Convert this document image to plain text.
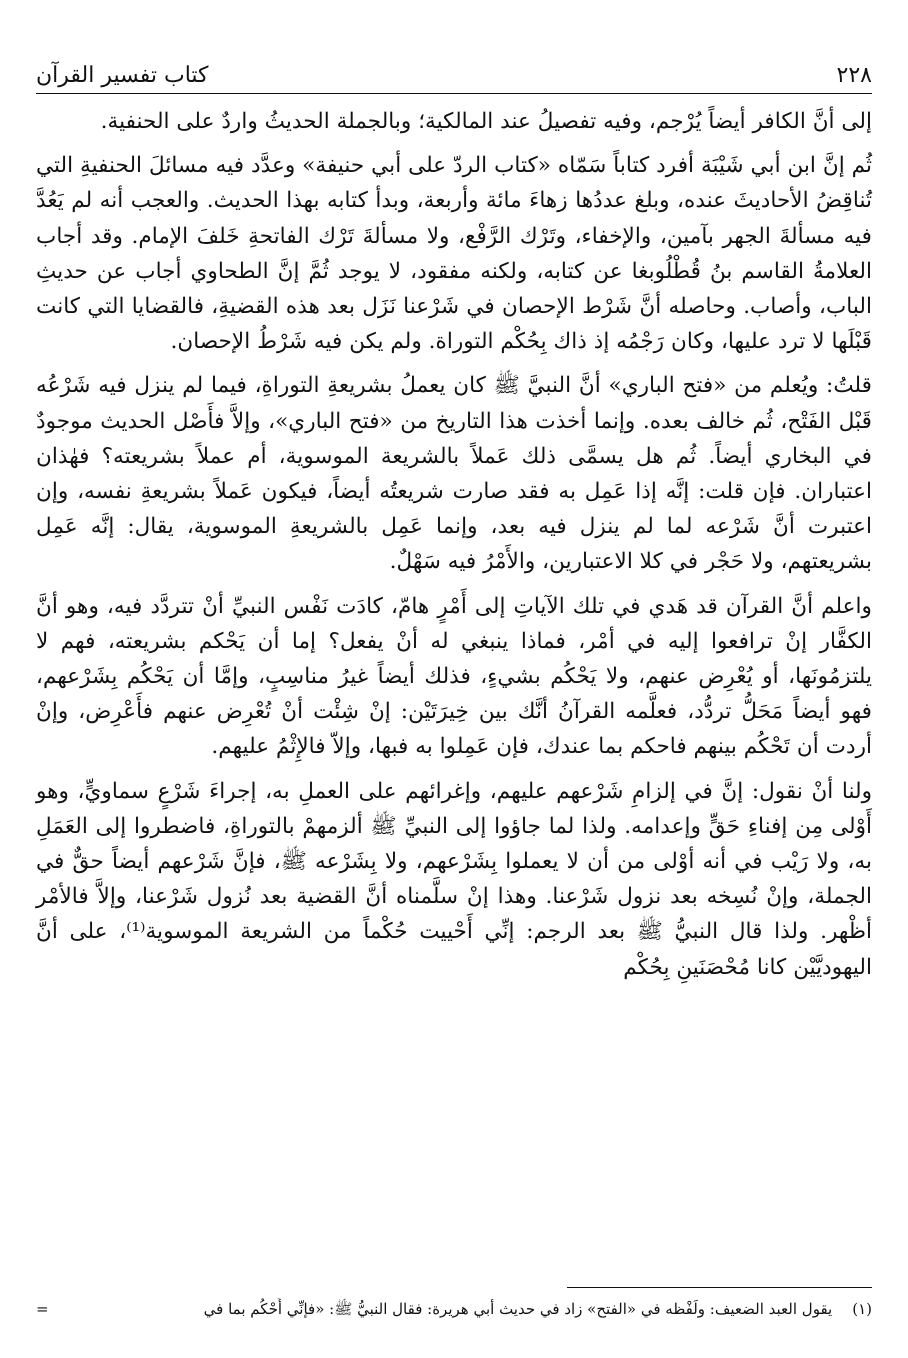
٢٢٨
كتاب تفسير القرآن

إلى أنَّ الكافر أيضاً يُرْجم، وفيه تفصيلُ عند المالكية؛ وبالجملة الحديثُ واردٌ على الحنفية.

ثُم إنَّ ابن أبي شَيْبَة أفرد كتاباً سَمّاه «كتاب الردّ على أبي حنيفة» وعدَّد فيه مسائلَ الحنفيةِ التي تُناقِضُ الأحاديثَ عنده، وبلغ عددُها زهاءَ مائة وأربعة، وبدأ كتابه بهذا الحديث. والعجب أنه لم يَعُدَّ فيه مسألةَ الجهر بآمين، والإخفاء، وتَرْك الرَّفْع، ولا مسألةَ تَرْك الفاتحةِ خَلفَ الإمام. وقد أجاب العلامةُ القاسم بنُ قُطْلُوبغا عن كتابه، ولكنه مفقود، لا يوجد ثُمَّ إنَّ الطحاوي أجاب عن حديثِ الباب، وأصاب. وحاصله أنَّ شَرْط الإحصان في شَرْعنا نَزَل بعد هذه القضيةِ، فالقضايا التي كانت قَبْلَها لا ترد عليها، وكان رَجْمُه إذ ذاك بِحُكْم التوراة. ولم يكن فيه شَرْطُ الإحصان.

قلتُ: ويُعلم من «فتح الباري» أنَّ النبيَّ ﷺ كان يعملُ بشريعةِ التوراةِ، فيما لم ينزل فيه شَرْعُه قَبْل الفَتْح، ثُم خالف بعده. وإنما أخذت هذا التاريخ من «فتح الباري»، وإلاَّ فأَصْل الحديث موجودٌ في البخاري أيضاً. ثُم هل يسمَّى ذلك عَملاً بالشريعة الموسوية، أم عملاً بشريعته؟ فهٰذان اعتباران. فإن قلت: إنَّه إذا عَمِل به فقد صارت شريعتُه أيضاً، فيكون عَملاً بشريعةِ نفسه، وإن اعتبرت أنَّ شَرْعه لما لم ينزل فيه بعد، وإنما عَمِل بالشريعةِ الموسوية، يقال: إنَّه عَمِل بشريعتهم، ولا حَجْر في كلا الاعتبارين، والأَمْرُ فيه سَهْلٌ.

واعلم أنَّ القرآن قد هَدي في تلك الآياتِ إلى أَمْرٍ هامّ، كادَت نَفْس النبيِّ أنْ تتردَّد فيه، وهو أنَّ الكفَّار إنْ ترافعوا إليه في أمْر، فماذا ينبغي له أنْ يفعل؟ إما أن يَحْكم بشريعته، فهم لا يلتزمُونَها، أو يُعْرِض عنهم، ولا يَحْكُم بشيءٍ، فذلك أيضاً غيرُ مناسِبٍ، وإمَّا أن يَحْكُم بِشَرْعهم، فهو أيضاً مَحَلُّ تردُّد، فعلَّمه القرآنُ أنَّك بين خِيرَتَيْن: إنْ شِئْت أنْ تُعْرِض عنهم فأَعْرِض، وإنْ أردت أن تَحْكُم بينهم فاحكم بما عندك، فإن عَمِلوا به فبها، وإلاّ فالإِثْمُ عليهم.

ولنا أنْ نقول: إنَّ في إلزامِ شَرْعهم عليهم، وإغرائهم على العملِ به، إجراءَ شَرْعٍ سماويٍّ، وهو أَوْلى مِن إفناءِ حَقٍّ وإعدامه. ولذا لما جاؤوا إلى النبيِّ ﷺ ألزمهمْ بالتوراةِ، فاضطروا إلى العَمَلِ به، ولا رَيْب في أنه أوْلى من أن لا يعملوا بِشَرْعهم، ولا بِشَرْعه ﷺ، فإنَّ شَرْعهم أيضاً حقٌّ في الجملة، وإنْ نُسِخه بعد نزول شَرْعنا. وهذا إنْ سلَّمناه أنَّ القضية بعد نُزول شَرْعنا، وإلاَّ فالأمْر أظْهر. ولذا قال النبيُّ ﷺ بعد الرجم: إنِّي أَحْييت حُكْماً من الشريعة الموسوية⁽¹⁾، على أنَّ اليهوديَّيْن كانا مُحْصَنَينِ بِحُكْم

(١)
يقول العبد الضعيف: ولَفْظه في «الفتح» زاد في حديث أبي هريرة: فقال النبيُّ ﷺ: «فإنِّي أَحْكُم بما في
=
